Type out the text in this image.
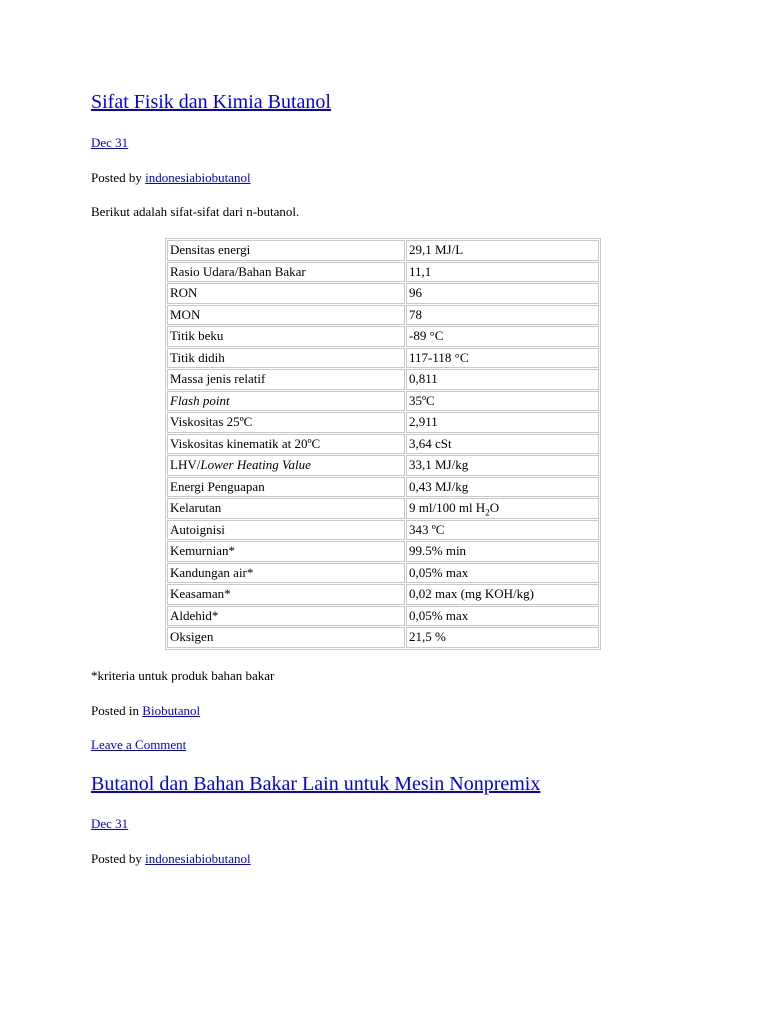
Sifat Fisik dan Kimia Butanol
Dec 31
Posted by indonesiabiobutanol
Berikut adalah sifat-sifat dari n-butanol.
Densitas energi	29,1 MJ/L
Rasio Udara/Bahan Bakar	11,1
RON	96
MON	78
Titik beku	-89 °C
Titik didih	117-118 °C
Massa jenis relatif	0,811
Flash point	35ºC
Viskositas 25ºC	2,911
Viskositas kinematik at 20ºC	3,64 cSt
LHV/Lower Heating Value	33,1 MJ/kg
Energi Penguapan	0,43 MJ/kg
Kelarutan	9 ml/100 ml $H_2O$
Autoignisi	343 ºC
Kemurnian*	99.5% min
Kandungan air*	0,05% max
Keasaman*	0,02 max (mg KOH/kg)
Aldehid*	0,05% max
Oksigen	21,5 %
*kriteria untuk produk bahan bakar
Posted in Biobutanol
Leave a Comment
Butanol dan Bahan Bakar Lain untuk Mesin Nonpremix
Dec 31
Posted by indonesiabiobutanol
